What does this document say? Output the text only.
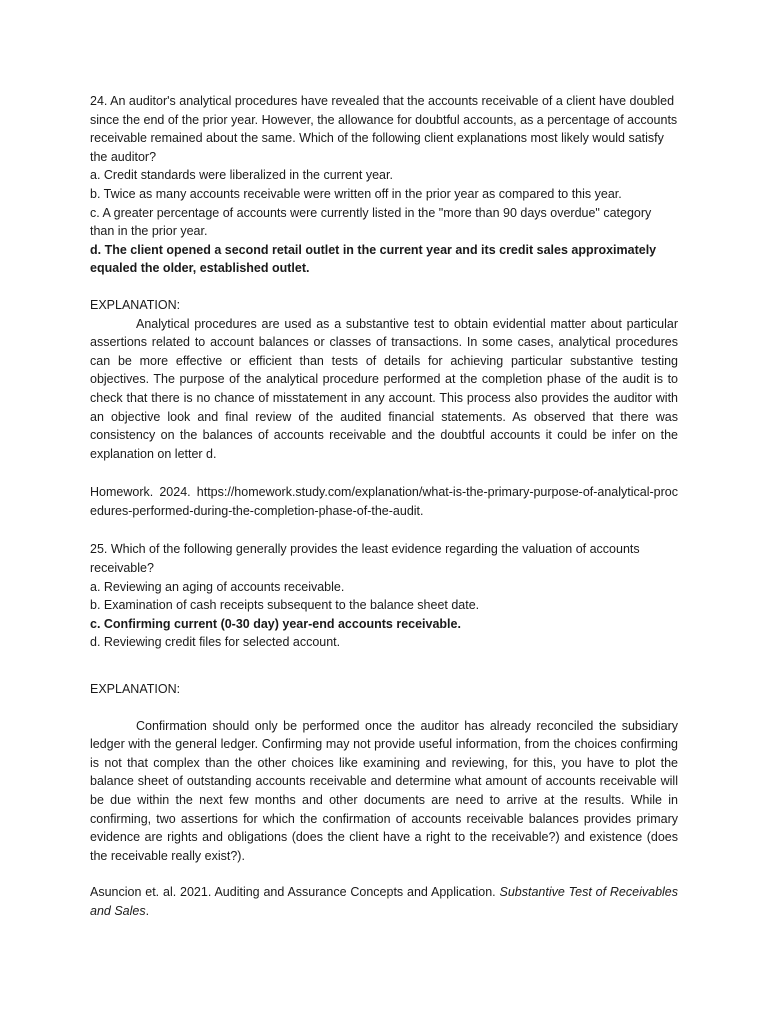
24. An auditor's analytical procedures have revealed that the accounts receivable of a client have doubled since the end of the prior year. However, the allowance for doubtful accounts, as a percentage of accounts receivable remained about the same. Which of the following client explanations most likely would satisfy the auditor?

a. Credit standards were liberalized in the current year.

b. Twice as many accounts receivable were written off in the prior year as compared to this year.

c. A greater percentage of accounts were currently listed in the "more than 90 days overdue" category than in the prior year.

d. The client opened a second retail outlet in the current year and its credit sales approximately equaled the older, established outlet.

EXPLANATION:

Analytical procedures are used as a substantive test to obtain evidential matter about particular assertions related to account balances or classes of transactions. In some cases, analytical procedures can be more effective or efficient than tests of details for achieving particular substantive testing objectives. The purpose of the analytical procedure performed at the completion phase of the audit is to check that there is no chance of misstatement in any account. This process also provides the auditor with an objective look and final review of the audited financial statements. As observed that there was consistency on the balances of accounts receivable and the doubtful accounts it could be infer on the explanation on letter d.

Homework. 2024. https://homework.study.com/explanation/what-is-the-primary-purpose-of-analytical-procedures-performed-during-the-completion-phase-of-the-audit.

25. Which of the following generally provides the least evidence regarding the valuation of accounts receivable?

a. Reviewing an aging of accounts receivable.

b. Examination of cash receipts subsequent to the balance sheet date.

c. Confirming current (0-30 day) year-end accounts receivable.

d. Reviewing credit files for selected account.

EXPLANATION:

Confirmation should only be performed once the auditor has already reconciled the subsidiary ledger with the general ledger. Confirming may not provide useful information, from the choices confirming is not that complex than the other choices like examining and reviewing, for this, you have to plot the balance sheet of outstanding accounts receivable and determine what amount of accounts receivable will be due within the next few months and other documents are need to arrive at the results. While in confirming, two assertions for which the confirmation of accounts receivable balances provides primary evidence are rights and obligations (does the client have a right to the receivable?) and existence (does the receivable really exist?).

Asuncion et. al. 2021. Auditing and Assurance Concepts and Application. Substantive Test of Receivables and Sales.
